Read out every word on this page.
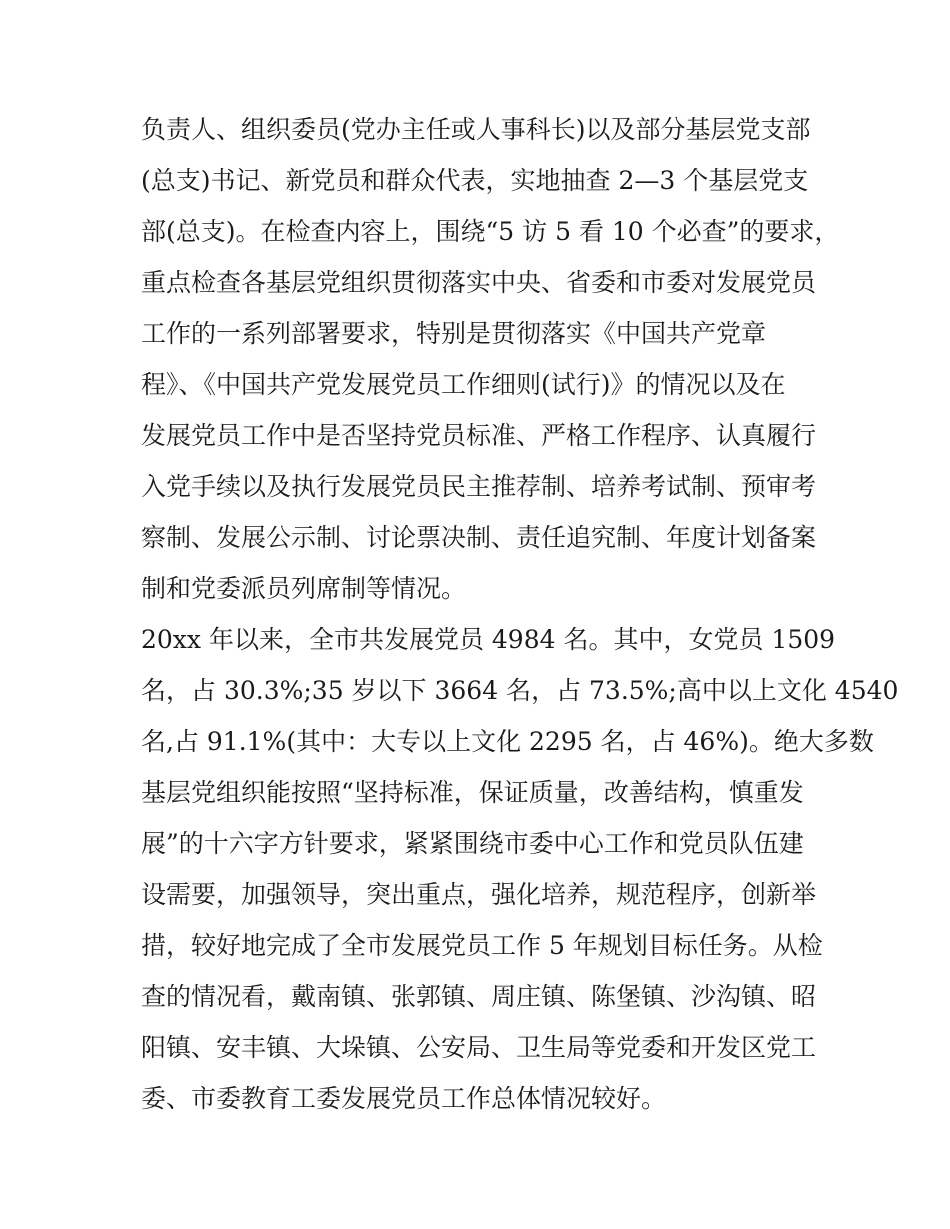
负责人、组织委员(党办主任或人事科长)以及部分基层党支部
(总支)书记、新党员和群众代表，实地抽查 2—3 个基层党支
部(总支)。在检查内容上，围绕“5 访 5 看 10 个必查”的要求，
重点检查各基层党组织贯彻落实中央、省委和市委对发展党员
工作的一系列部署要求，特别是贯彻落实《中国共产党章
程》、《中国共产党发展党员工作细则(试行)》的情况以及在
发展党员工作中是否坚持党员标准、严格工作程序、认真履行
入党手续以及执行发展党员民主推荐制、培养考试制、预审考
察制、发展公示制、讨论票决制、责任追究制、年度计划备案
制和党委派员列席制等情况。
20xx 年以来，全市共发展党员 4984 名。其中，女党员 1509
名，占 30.3%;35 岁以下 3664 名，占 73.5%;高中以上文化 4540
名,占 91.1%(其中：大专以上文化 2295 名，占 46%)。绝大多数
基层党组织能按照“坚持标准，保证质量，改善结构，慎重发
展”的十六字方针要求，紧紧围绕市委中心工作和党员队伍建
设需要，加强领导，突出重点，强化培养，规范程序，创新举
措，较好地完成了全市发展党员工作 5 年规划目标任务。从检
查的情况看，戴南镇、张郭镇、周庄镇、陈堡镇、沙沟镇、昭
阳镇、安丰镇、大垛镇、公安局、卫生局等党委和开发区党工
委、市委教育工委发展党员工作总体情况较好。
